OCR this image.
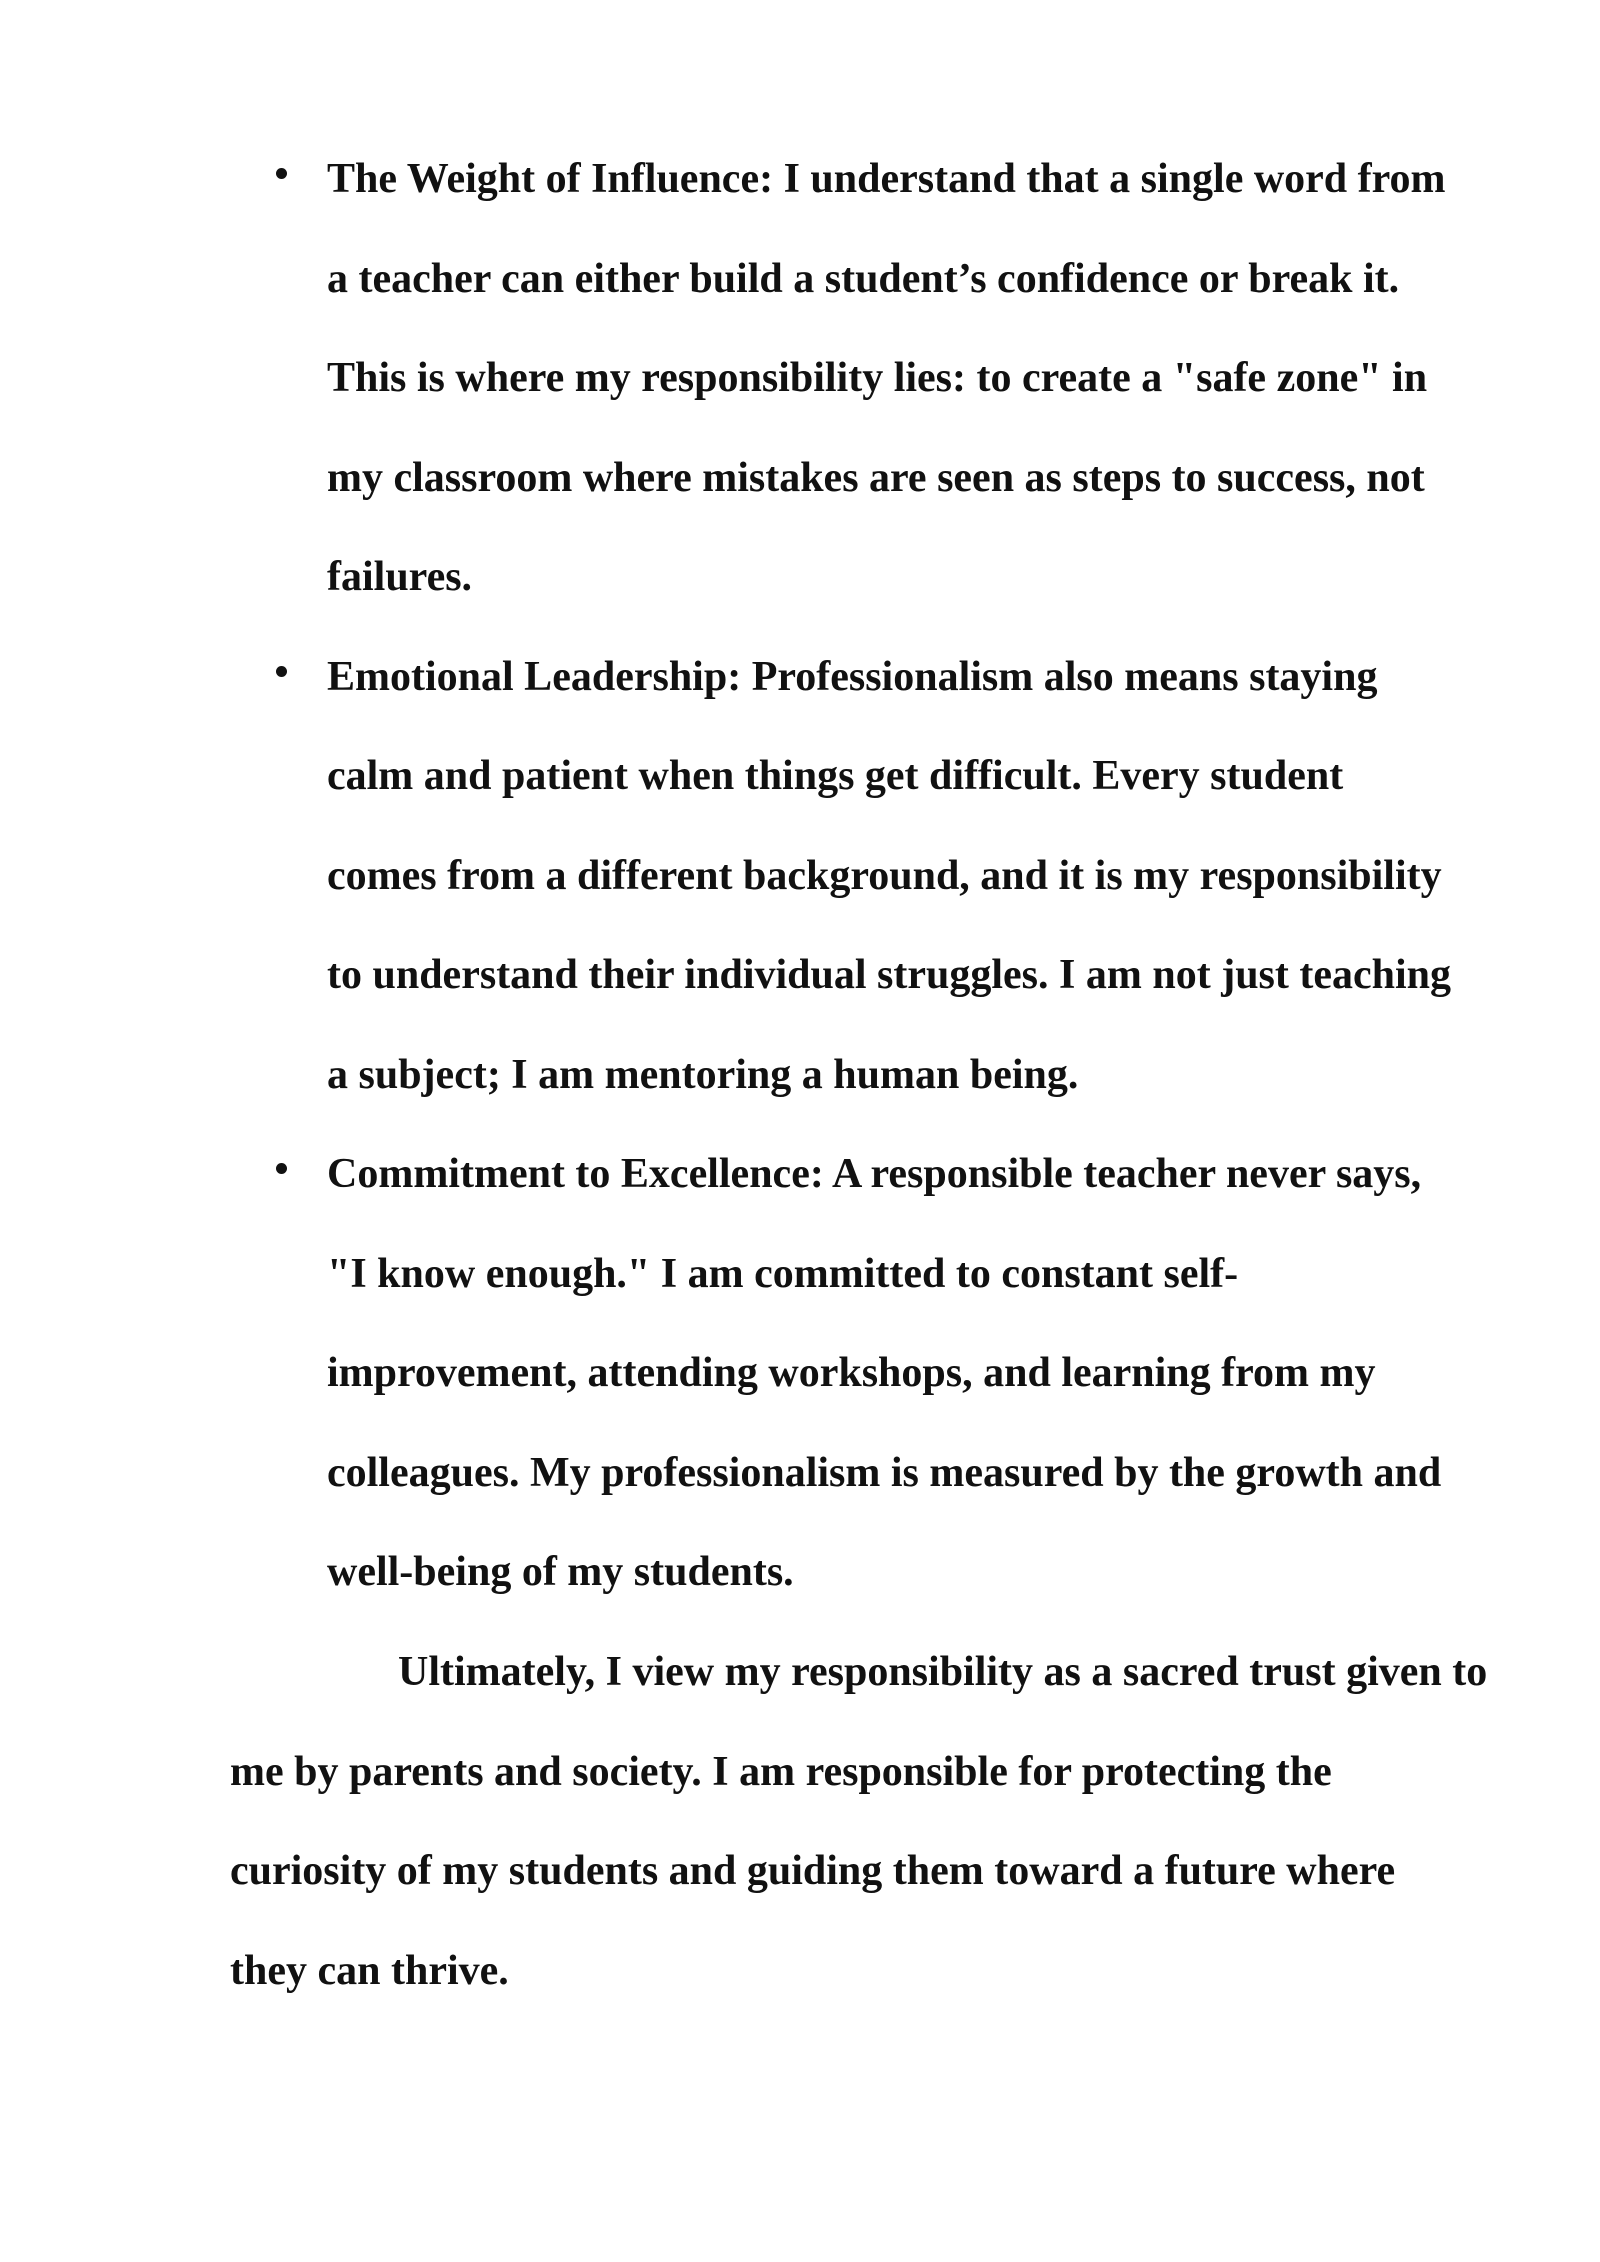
The Weight of Influence: I understand that a single word from
a teacher can either build a student’s confidence or break it.
This is where my responsibility lies: to create a "safe zone" in
my classroom where mistakes are seen as steps to success, not
failures.
Emotional Leadership: Professionalism also means staying
calm and patient when things get difficult. Every student
comes from a different background, and it is my responsibility
to understand their individual struggles. I am not just teaching
a subject; I am mentoring a human being.
Commitment to Excellence: A responsible teacher never says,
"I know enough." I am committed to constant self-
improvement, attending workshops, and learning from my
colleagues. My professionalism is measured by the growth and
well-being of my students.

Ultimately, I view my responsibility as a sacred trust given to
me by parents and society. I am responsible for protecting the
curiosity of my students and guiding them toward a future where
they can thrive.
